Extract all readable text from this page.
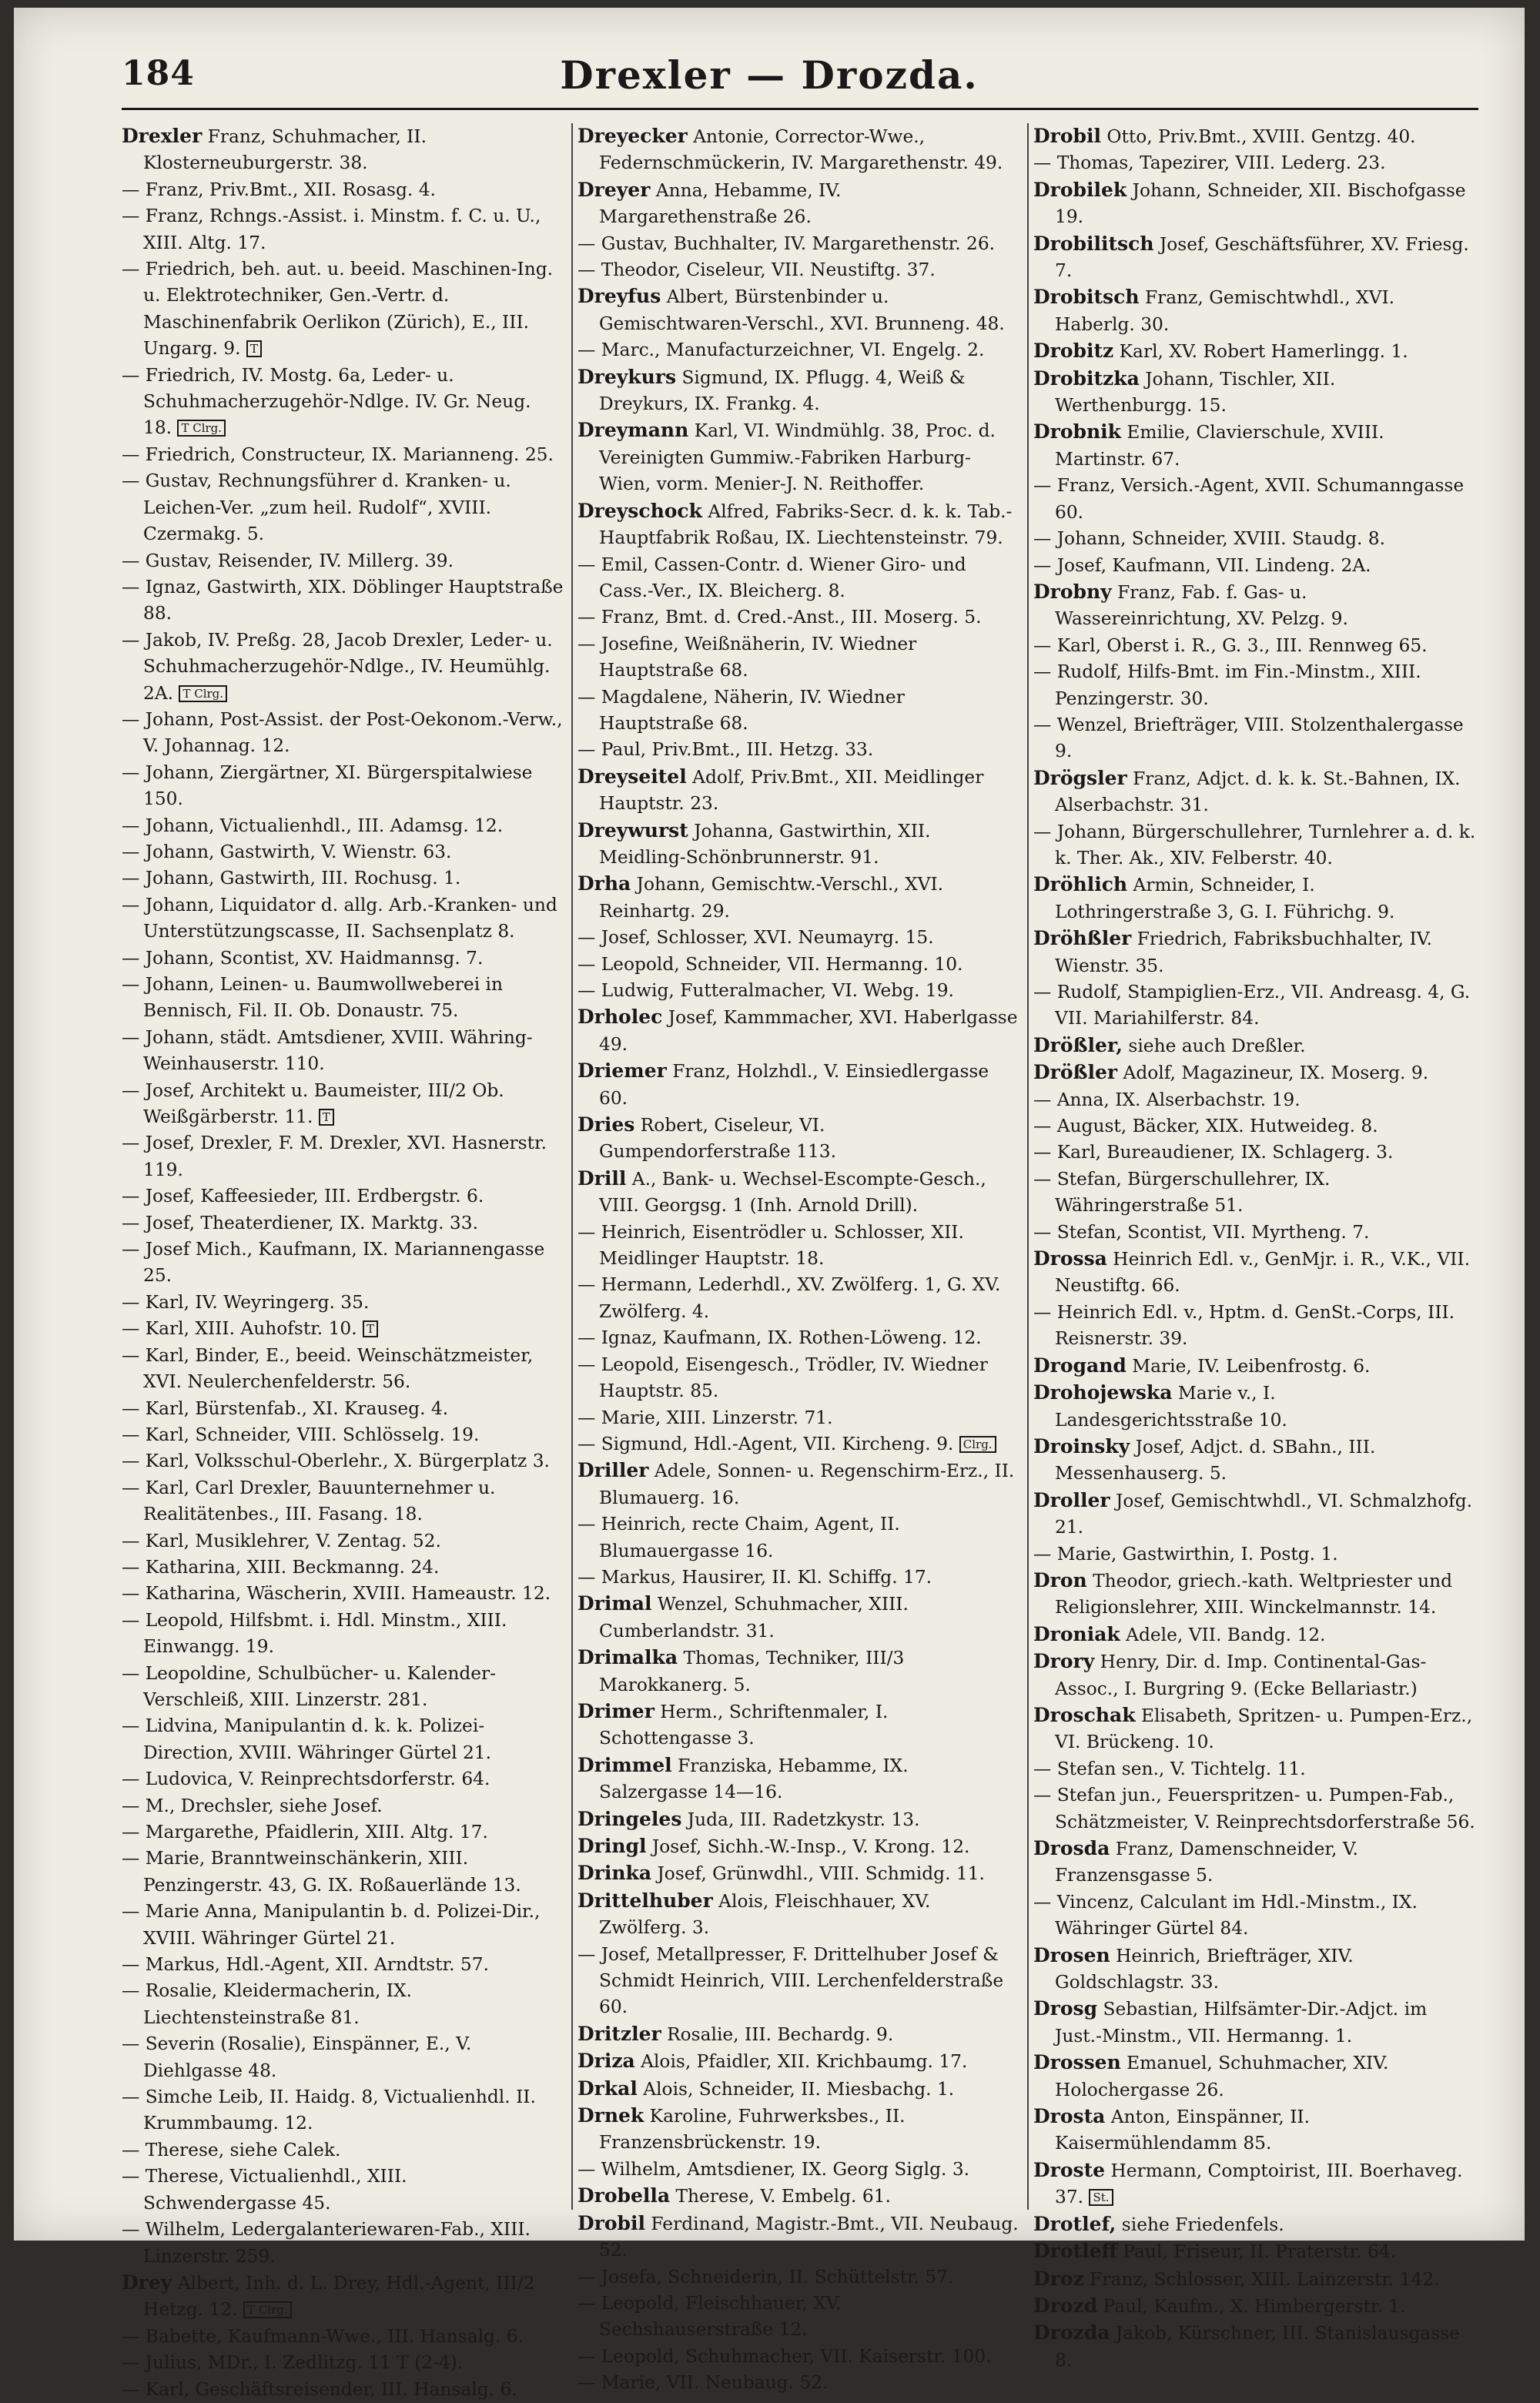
184	Drexler — Drozda.

Drexler Franz, Schuhmacher, II. Klosterneuburgerstr. 38.

— Franz, Priv.Bmt., XII. Rosasg. 4.

— Franz, Rchngs.-Assist. i. Minstm. f. C. u. U., XIII. Altg. 17.

— Friedrich, beh. aut. u. beeid. Maschinen-Ing. u. Elektrotechniker, Gen.-Vertr. d. Maschinenfabrik Oerlikon (Zürich), E., III. Ungarg. 9. T

— Friedrich, IV. Mostg. 6a, Leder- u. Schuhmacherzugehör-Ndlge. IV. Gr. Neug. 18. T Clrg.

— Friedrich, Constructeur, IX. Marianneng. 25.

— Gustav, Rechnungsführer d. Kranken- u. Leichen-Ver. „zum heil. Rudolf“, XVIII. Czermakg. 5.

— Gustav, Reisender, IV. Millerg. 39.

— Ignaz, Gastwirth, XIX. Döblinger Hauptstraße 88.

— Jakob, IV. Preßg. 28, Jacob Drexler, Leder- u. Schuhmacherzugehör-Ndlge., IV. Heumühlg. 2A. T Clrg.

— Johann, Post-Assist. der Post-Oekonom.-Verw., V. Johannag. 12.

— Johann, Ziergärtner, XI. Bürgerspitalwiese 150.

— Johann, Victualienhdl., III. Adamsg. 12.

— Johann, Gastwirth, V. Wienstr. 63.

— Johann, Gastwirth, III. Rochusg. 1.

— Johann, Liquidator d. allg. Arb.-Kranken- und Unterstützungscasse, II. Sachsenplatz 8.

— Johann, Scontist, XV. Haidmannsg. 7.

— Johann, Leinen- u. Baumwollweberei in Bennisch, Fil. II. Ob. Donaustr. 75.

— Johann, städt. Amtsdiener, XVIII. Währing-Weinhauserstr. 110.

— Josef, Architekt u. Baumeister, III/2 Ob. Weißgärberstr. 11. T

— Josef, Drexler, F. M. Drexler, XVI. Hasnerstr. 119.

— Josef, Kaffeesieder, III. Erdbergstr. 6.

— Josef, Theaterdiener, IX. Marktg. 33.

— Josef Mich., Kaufmann, IX. Mariannengasse 25.

— Karl, IV. Weyringerg. 35.

— Karl, XIII. Auhofstr. 10. T

— Karl, Binder, E., beeid. Weinschätzmeister, XVI. Neulerchenfelderstr. 56.

— Karl, Bürstenfab., XI. Krauseg. 4.

— Karl, Schneider, VIII. Schlösselg. 19.

— Karl, Volksschul-Oberlehr., X. Bürgerplatz 3.

— Karl, Carl Drexler, Bauunternehmer u. Realitätenbes., III. Fasang. 18.

— Karl, Musiklehrer, V. Zentag. 52.

— Katharina, XIII. Beckmanng. 24.

— Katharina, Wäscherin, XVIII. Hameaustr. 12.

— Leopold, Hilfsbmt. i. Hdl. Minstm., XIII. Einwangg. 19.

— Leopoldine, Schulbücher- u. Kalender-Verschleiß, XIII. Linzerstr. 281.

— Lidvina, Manipulantin d. k. k. Polizei-Direction, XVIII. Währinger Gürtel 21.

— Ludovica, V. Reinprechtsdorferstr. 64.

— M., Drechsler, siehe Josef.

— Margarethe, Pfaidlerin, XIII. Altg. 17.

— Marie, Branntweinschänkerin, XIII. Penzingerstr. 43, G. IX. Roßauerlände 13.

— Marie Anna, Manipulantin b. d. Polizei-Dir., XVIII. Währinger Gürtel 21.

— Markus, Hdl.-Agent, XII. Arndtstr. 57.

— Rosalie, Kleidermacherin, IX. Liechtensteinstraße 81.

— Severin (Rosalie), Einspänner, E., V. Diehlgasse 48.

— Simche Leib, II. Haidg. 8, Victualienhdl. II. Krummbaumg. 12.

— Therese, siehe Calek.

— Therese, Victualienhdl., XIII. Schwendergasse 45.

— Wilhelm, Ledergalanteriewaren-Fab., XIII. Linzerstr. 259.

Drey Albert, Inh. d. L. Drey, Hdl.-Agent, III/2 Hetzg. 12. T Clrg.

— Babette, Kaufmann-Wwe., III. Hansalg. 6.

— Julius, MDr., I. Zedlitzg. 11 T (2-4).

— Karl, Geschäftsreisender, III. Hansalg. 6.

Dreyecker Antonie, Corrector-Wwe., Federnschmückerin, IV. Margarethenstr. 49.

Dreyer Anna, Hebamme, IV. Margarethenstraße 26.

— Gustav, Buchhalter, IV. Margarethenstr. 26.

— Theodor, Ciseleur, VII. Neustiftg. 37.

Dreyfus Albert, Bürstenbinder u. Gemischtwaren-Verschl., XVI. Brunneng. 48.

— Marc., Manufacturzeichner, VI. Engelg. 2.

Dreykurs Sigmund, IX. Pflugg. 4, Weiß & Dreykurs, IX. Frankg. 4.

Dreymann Karl, VI. Windmühlg. 38, Proc. d. Vereinigten Gummiw.-Fabriken Harburg-Wien, vorm. Menier-J. N. Reithoffer.

Dreyschock Alfred, Fabriks-Secr. d. k. k. Tab.-Hauptfabrik Roßau, IX. Liechtensteinstr. 79.

— Emil, Cassen-Contr. d. Wiener Giro- und Cass.-Ver., IX. Bleicherg. 8.

— Franz, Bmt. d. Cred.-Anst., III. Moserg. 5.

— Josefine, Weißnäherin, IV. Wiedner Hauptstraße 68.

— Magdalene, Näherin, IV. Wiedner Hauptstraße 68.

— Paul, Priv.Bmt., III. Hetzg. 33.

Dreyseitel Adolf, Priv.Bmt., XII. Meidlinger Hauptstr. 23.

Dreywurst Johanna, Gastwirthin, XII. Meidling-Schönbrunnerstr. 91.

Drha Johann, Gemischtw.-Verschl., XVI. Reinhartg. 29.

— Josef, Schlosser, XVI. Neumayrg. 15.

— Leopold, Schneider, VII. Hermanng. 10.

— Ludwig, Futteralmacher, VI. Webg. 19.

Drholec Josef, Kammmacher, XVI. Haberlgasse 49.

Driemer Franz, Holzhdl., V. Einsiedlergasse 60.

Dries Robert, Ciseleur, VI. Gumpendorferstraße 113.

Drill A., Bank- u. Wechsel-Escompte-Gesch., VIII. Georgsg. 1 (Inh. Arnold Drill).

— Heinrich, Eisentrödler u. Schlosser, XII. Meidlinger Hauptstr. 18.

— Hermann, Lederhdl., XV. Zwölferg. 1, G. XV. Zwölferg. 4.

— Ignaz, Kaufmann, IX. Rothen-Löweng. 12.

— Leopold, Eisengesch., Trödler, IV. Wiedner Hauptstr. 85.

— Marie, XIII. Linzerstr. 71.

— Sigmund, Hdl.-Agent, VII. Kircheng. 9. Clrg.

Driller Adele, Sonnen- u. Regenschirm-Erz., II. Blumauerg. 16.

— Heinrich, recte Chaim, Agent, II. Blumauergasse 16.

— Markus, Hausirer, II. Kl. Schiffg. 17.

Drimal Wenzel, Schuhmacher, XIII. Cumberlandstr. 31.

Drimalka Thomas, Techniker, III/3 Marokkanerg. 5.

Drimer Herm., Schriftenmaler, I. Schottengasse 3.

Drimmel Franziska, Hebamme, IX. Salzergasse 14—16.

Dringeles Juda, III. Radetzkystr. 13.

Dringl Josef, Sichh.-W.-Insp., V. Krong. 12.

Drinka Josef, Grünwdhl., VIII. Schmidg. 11.

Drittelhuber Alois, Fleischhauer, XV. Zwölferg. 3.

— Josef, Metallpresser, F. Drittelhuber Josef & Schmidt Heinrich, VIII. Lerchenfelderstraße 60.

Dritzler Rosalie, III. Bechardg. 9.

Driza Alois, Pfaidler, XII. Krichbaumg. 17.

Drkal Alois, Schneider, II. Miesbachg. 1.

Drnek Karoline, Fuhrwerksbes., II. Franzensbrückenstr. 19.

— Wilhelm, Amtsdiener, IX. Georg Siglg. 3.

Drobella Therese, V. Embelg. 61.

Drobil Ferdinand, Magistr.-Bmt., VII. Neubaug. 52.

— Josefa, Schneiderin, II. Schüttelstr. 57.

— Leopold, Fleischhauer, XV. Sechshauserstraße 12.

— Leopold, Schuhmacher, VII. Kaiserstr. 100.

— Marie, VII. Neubaug. 52.

Drobil Otto, Priv.Bmt., XVIII. Gentzg. 40.

— Thomas, Tapezirer, VIII. Lederg. 23.

Drobilek Johann, Schneider, XII. Bischofgasse 19.

Drobilitsch Josef, Geschäftsführer, XV. Friesg. 7.

Drobitsch Franz, Gemischtwhdl., XVI. Haberlg. 30.

Drobitz Karl, XV. Robert Hamerlingg. 1.

Drobitzka Johann, Tischler, XII. Werthenburgg. 15.

Drobnik Emilie, Clavierschule, XVIII. Martinstr. 67.

— Franz, Versich.-Agent, XVII. Schumanngasse 60.

— Johann, Schneider, XVIII. Staudg. 8.

— Josef, Kaufmann, VII. Lindeng. 2A.

Drobny Franz, Fab. f. Gas- u. Wassereinrichtung, XV. Pelzg. 9.

— Karl, Oberst i. R., G. 3., III. Rennweg 65.

— Rudolf, Hilfs-Bmt. im Fin.-Minstm., XIII. Penzingerstr. 30.

— Wenzel, Briefträger, VIII. Stolzenthalergasse 9.

Drögsler Franz, Adjct. d. k. k. St.-Bahnen, IX. Alserbachstr. 31.

— Johann, Bürgerschullehrer, Turnlehrer a. d. k. k. Ther. Ak., XIV. Felberstr. 40.

Dröhlich Armin, Schneider, I. Lothringerstraße 3, G. I. Führichg. 9.

Dröhßler Friedrich, Fabriksbuchhalter, IV. Wienstr. 35.

— Rudolf, Stampiglien-Erz., VII. Andreasg. 4, G. VII. Mariahilferstr. 84.

Drößler, siehe auch Dreßler.

Drößler Adolf, Magazineur, IX. Moserg. 9.

— Anna, IX. Alserbachstr. 19.

— August, Bäcker, XIX. Hutweideg. 8.

— Karl, Bureaudiener, IX. Schlagerg. 3.

— Stefan, Bürgerschullehrer, IX. Währingerstraße 51.

— Stefan, Scontist, VII. Myrtheng. 7.

Drossa Heinrich Edl. v., GenMjr. i. R., V.K., VII. Neustiftg. 66.

— Heinrich Edl. v., Hptm. d. GenSt.-Corps, III. Reisnerstr. 39.

Drogand Marie, IV. Leibenfrostg. 6.

Drohojewska Marie v., I. Landesgerichtsstraße 10.

Droinsky Josef, Adjct. d. SBahn., III. Messenhauserg. 5.

Droller Josef, Gemischtwhdl., VI. Schmalzhofg. 21.

— Marie, Gastwirthin, I. Postg. 1.

Dron Theodor, griech.-kath. Weltpriester und Religionslehrer, XIII. Winckelmannstr. 14.

Droniak Adele, VII. Bandg. 12.

Drory Henry, Dir. d. Imp. Continental-Gas-Assoc., I. Burgring 9. (Ecke Bellariastr.)

Droschak Elisabeth, Spritzen- u. Pumpen-Erz., VI. Brückeng. 10.

— Stefan sen., V. Tichtelg. 11.

— Stefan jun., Feuerspritzen- u. Pumpen-Fab., Schätzmeister, V. Reinprechtsdorferstraße 56.

Drosda Franz, Damenschneider, V. Franzensgasse 5.

— Vincenz, Calculant im Hdl.-Minstm., IX. Währinger Gürtel 84.

Drosen Heinrich, Briefträger, XIV. Goldschlagstr. 33.

Drosg Sebastian, Hilfsämter-Dir.-Adjct. im Just.-Minstm., VII. Hermanng. 1.

Drossen Emanuel, Schuhmacher, XIV. Holochergasse 26.

Drosta Anton, Einspänner, II. Kaisermühlendamm 85.

Droste Hermann, Comptoirist, III. Boerhaveg. 37. St.

Drotlef, siehe Friedenfels.

Drotleff Paul, Friseur, II. Praterstr. 64.

Droz Franz, Schlosser, XIII. Lainzerstr. 142.

Drozd Paul, Kaufm., X. Himbergerstr. 1.

Drozda Jakob, Kürschner, III. Stanislausgasse 8.
